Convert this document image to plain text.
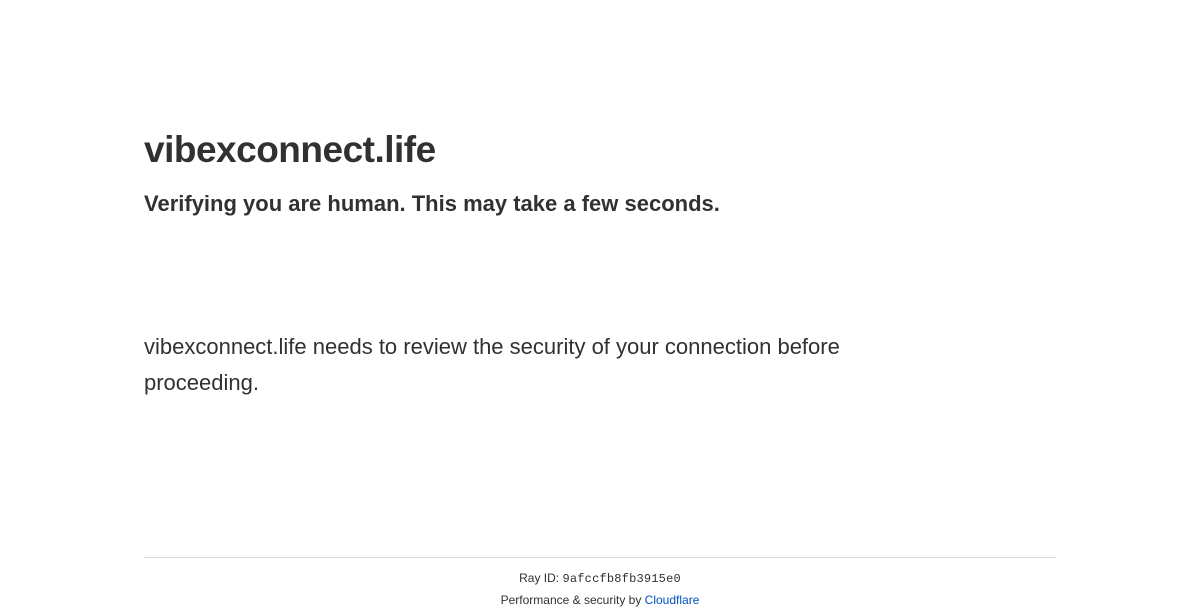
vibexconnect.life
Verifying you are human. This may take a few seconds.

vibexconnect.life needs to review the security of your connection before proceeding.

Ray ID: 9afccfb8fb3915e0
Performance & security by Cloudflare
